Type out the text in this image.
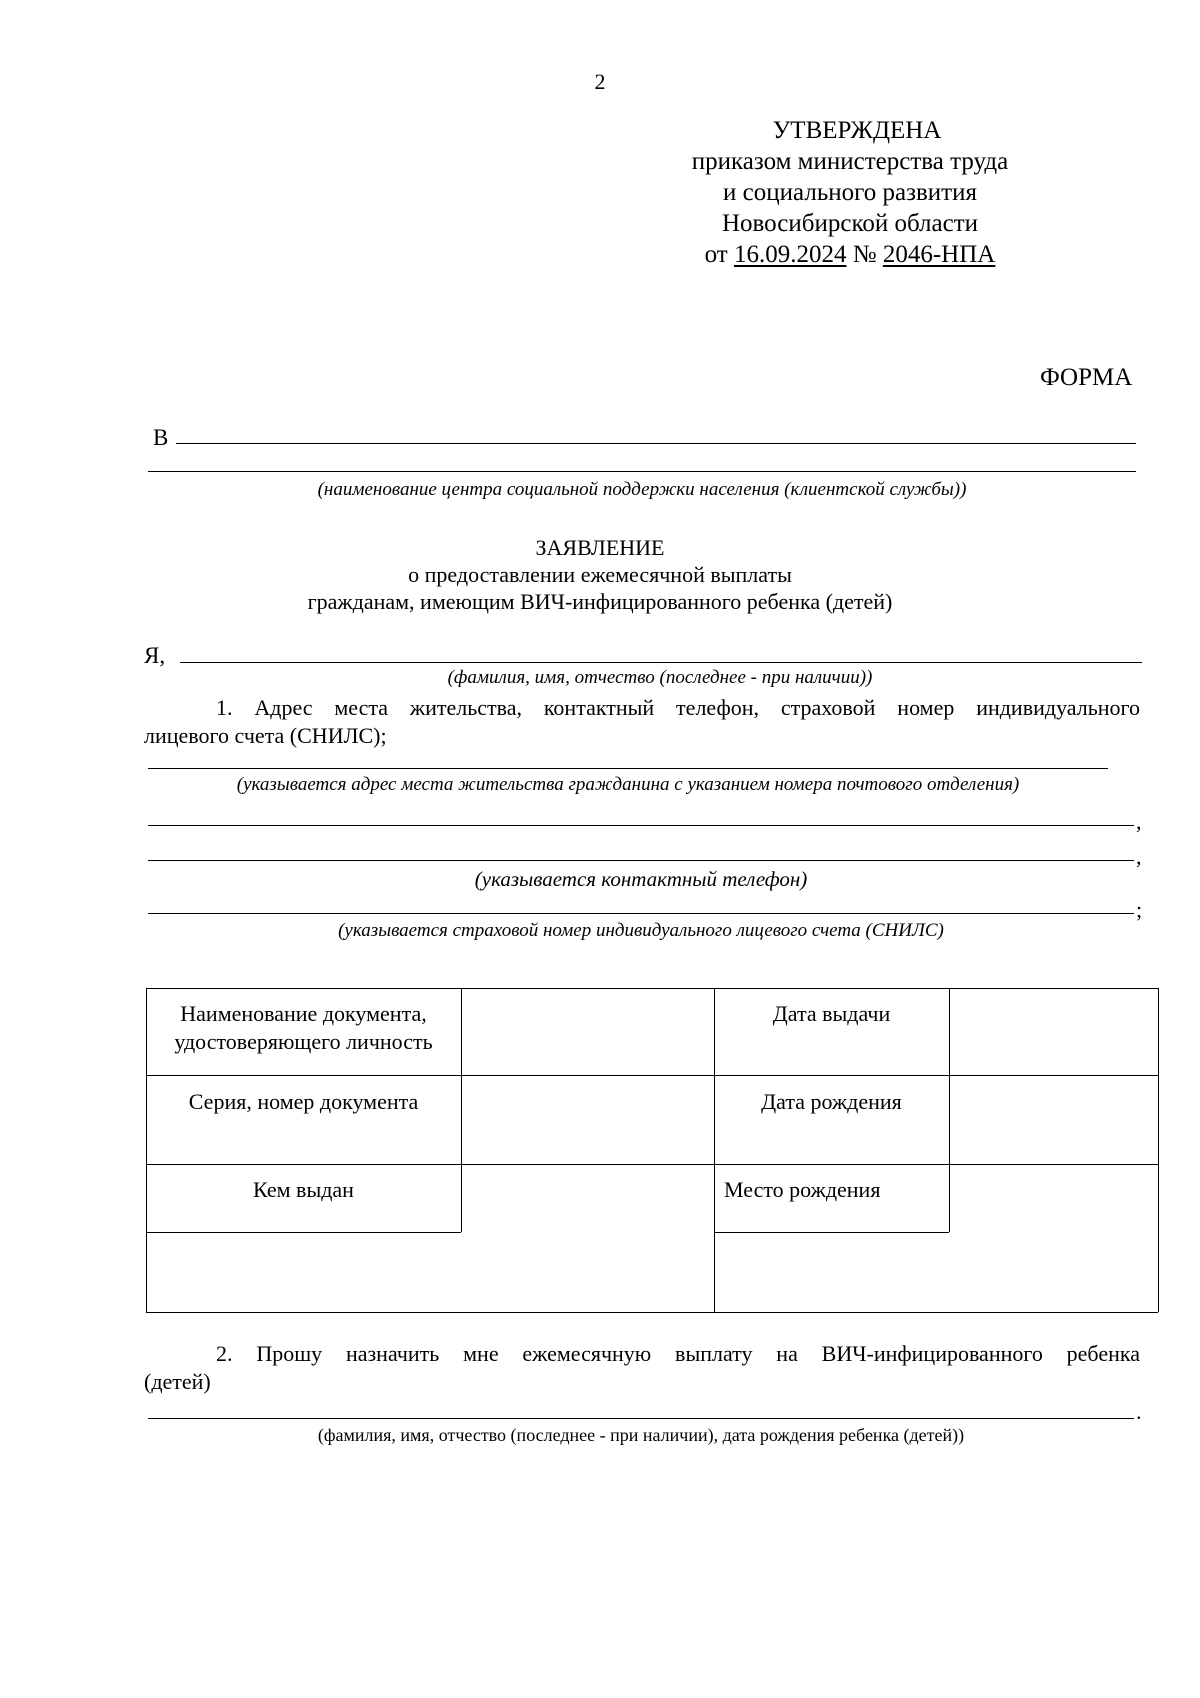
2
УТВЕРЖДЕНА
приказом министерства труда
и социального развития
Новосибирской области
от 16.09.2024 № 2046-НПА
ФОРМА
В
(наименование центра социальной поддержки населения (клиентской службы))
ЗАЯВЛЕНИЕ
о предоставлении ежемесячной выплаты
гражданам, имеющим ВИЧ-инфицированного ребенка (детей)
Я,
(фамилия, имя, отчество (последнее - при наличии))
1. Адрес места жительства, контактный телефон, страховой номер индивидуального
лицевого счета (СНИЛС);
(указывается адрес места жительства гражданина с указанием номера почтового отделения)
,
,
(указывается контактный телефон)
;
(указывается страховой номер индивидуального лицевого счета (СНИЛС)
Наименование документа,
удостоверяющего личность
Дата выдачи
Серия, номер документа	Дата рождения
Кем выдан	Место рождения
2. Прошу назначить мне ежемесячную выплату на ВИЧ-инфицированного ребенка
(детей)
.
(фамилия, имя, отчество (последнее - при наличии), дата рождения ребенка (детей))
